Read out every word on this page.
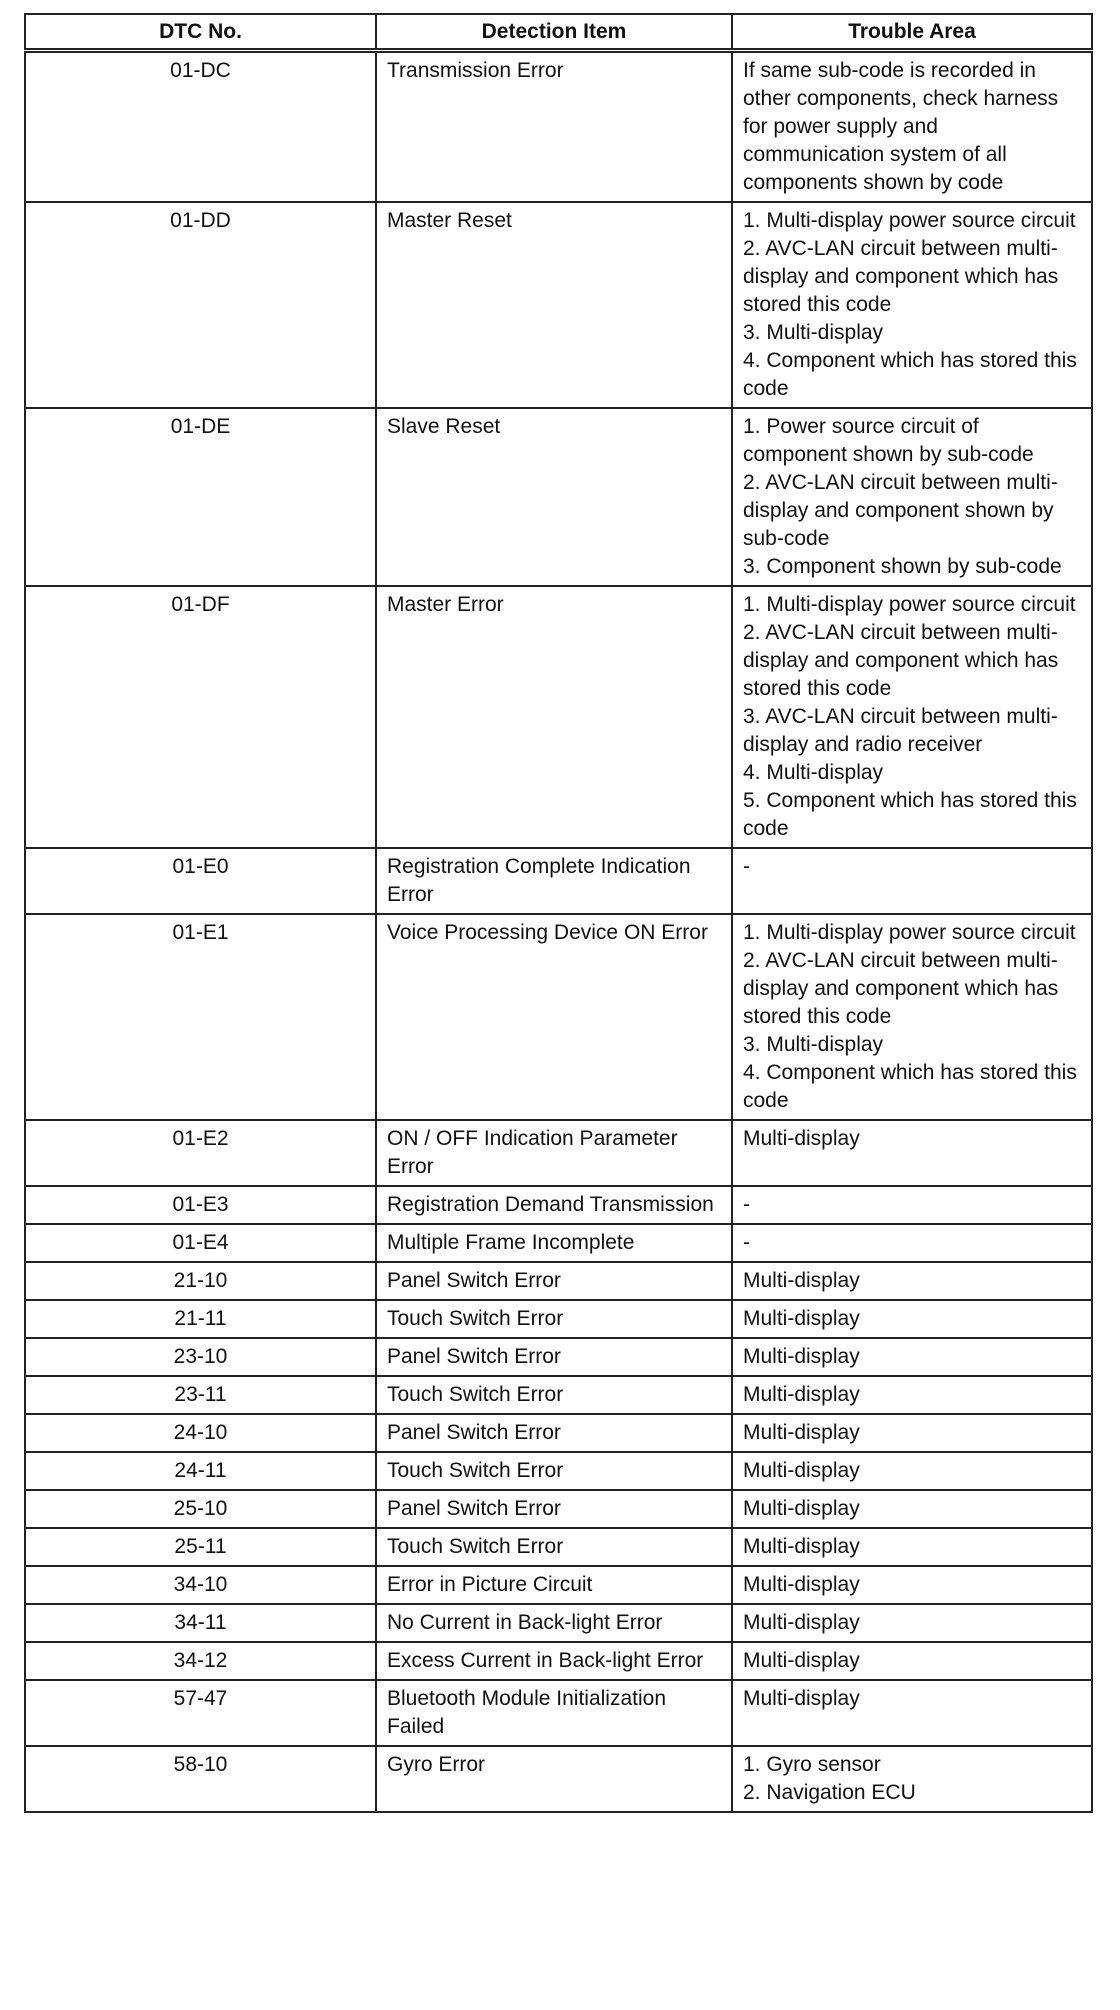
DTC No.	Detection Item	Trouble Area
01-DC	Transmission Error	If same sub-code is recorded in other components, check harness for power supply and communication system of all components shown by code

01-DD	Master Reset	1. Multi-display power source circuit
2. AVC-LAN circuit between multi-display and component which has stored this code
3. Multi-display
4. Component which has stored this code

01-DE	Slave Reset	1. Power source circuit of component shown by sub-code
2. AVC-LAN circuit between multi-display and component shown by sub-code
3. Component shown by sub-code

01-DF	Master Error	1. Multi-display power source circuit
2. AVC-LAN circuit between multi-display and component which has stored this code
3. AVC-LAN circuit between multi-display and radio receiver
4. Multi-display
5. Component which has stored this code

01-E0	Registration Complete Indication Error	-

01-E1	Voice Processing Device ON Error	1. Multi-display power source circuit
2. AVC-LAN circuit between multi-display and component which has stored this code
3. Multi-display
4. Component which has stored this code

01-E2	ON / OFF Indication Parameter Error	Multi-display

01-E3	Registration Demand Transmission	-

01-E4	Multiple Frame Incomplete	-

21-10	Panel Switch Error	Multi-display

21-11	Touch Switch Error	Multi-display

23-10	Panel Switch Error	Multi-display

23-11	Touch Switch Error	Multi-display

24-10	Panel Switch Error	Multi-display

24-11	Touch Switch Error	Multi-display

25-10	Panel Switch Error	Multi-display

25-11	Touch Switch Error	Multi-display

34-10	Error in Picture Circuit	Multi-display

34-11	No Current in Back-light Error	Multi-display

34-12	Excess Current in Back-light Error	Multi-display

57-47	Bluetooth Module Initialization Failed	Multi-display

58-10	Gyro Error	1. Gyro sensor
2. Navigation ECU
